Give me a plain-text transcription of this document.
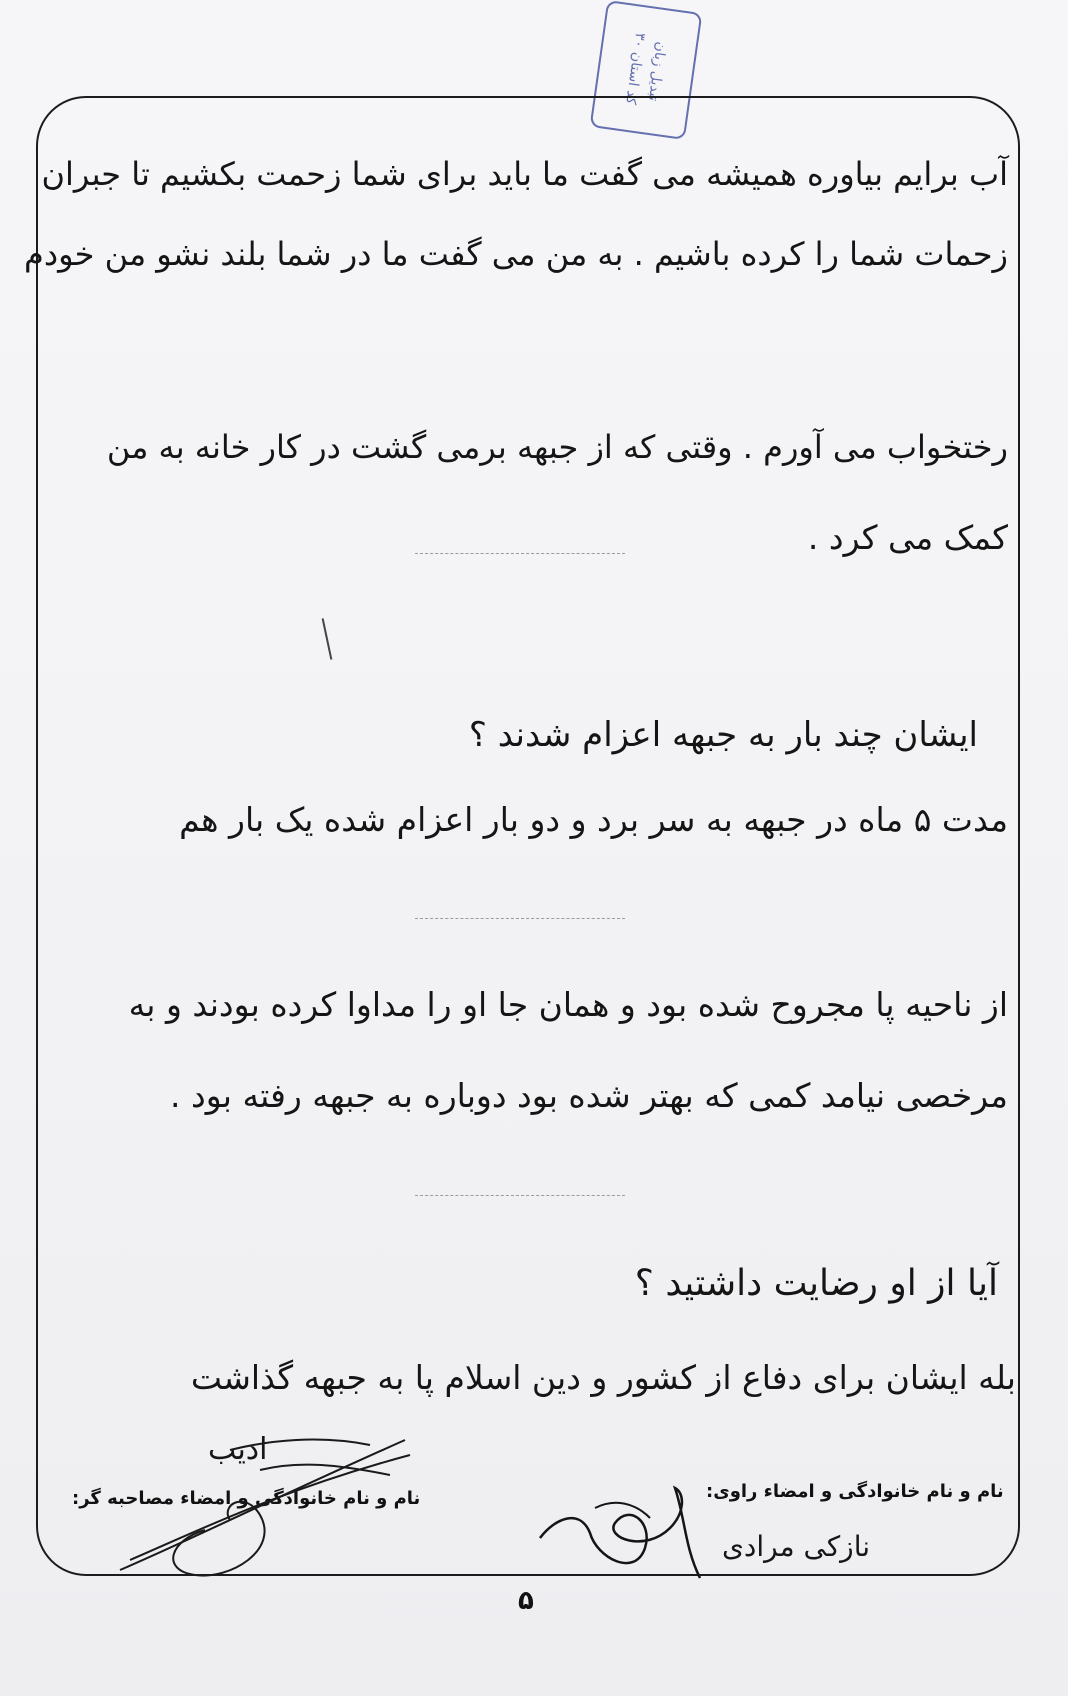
تبدیل زبان
کد استان ۳۰
آب برایم بیاوره همیشه می گفت ما باید برای شما زحمت بکشیم تا جبران
زحمات شما را کرده باشیم . به من می گفت ما در شما بلند نشو من خودم
رختخواب می آورم . وقتی که از جبهه برمی گشت در کار خانه به من
کمک می کرد .
ایشان چند بار به جبهه اعزام شدند ؟
مدت ۵ ماه در جبهه به سر برد و دو بار اعزام شده یک بار هم
از ناحیه پا مجروح شده بود و همان جا او را مداوا کرده بودند و به
مرخصی نیامد کمی که بهتر شده بود دوباره به جبهه رفته بود .
آیا از او رضایت داشتید ؟
بله ایشان برای دفاع از کشور و دین اسلام پا به جبهه گذاشت
نام و نام خانوادگی و امضاء مصاحبه گر:	نام و نام خانوادگی و امضاء راوی:
ادیب
نازکی مرادی
۵
